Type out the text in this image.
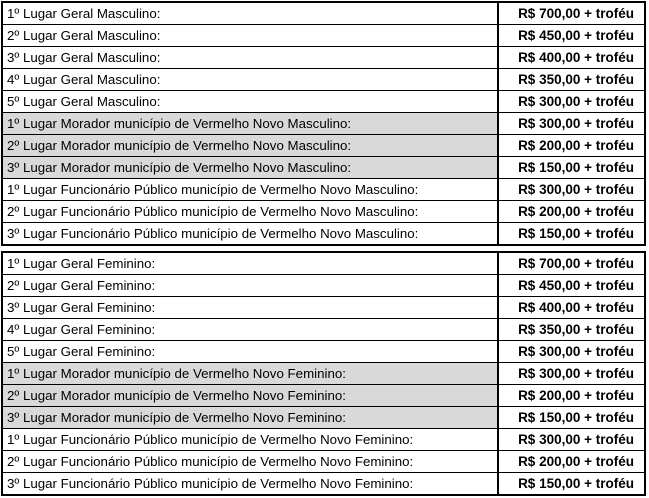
1º Lugar Geral Masculino:	R$ 700,00 + troféu
2º Lugar Geral Masculino:	R$ 450,00 + troféu
3º Lugar Geral Masculino:	R$ 400,00 + troféu
4º Lugar Geral Masculino:	R$ 350,00 + troféu
5º Lugar Geral Masculino:	R$ 300,00 + troféu
1º Lugar Morador município de Vermelho Novo Masculino:	R$ 300,00 + troféu
2º Lugar Morador município de Vermelho Novo Masculino:	R$ 200,00 + troféu
3º Lugar Morador município de Vermelho Novo Masculino:	R$ 150,00 + troféu
1º Lugar Funcionário Público município de Vermelho Novo Masculino:	R$ 300,00 + troféu
2º Lugar Funcionário Público município de Vermelho Novo Masculino:	R$ 200,00 + troféu
3º Lugar Funcionário Público município de Vermelho Novo Masculino:	R$ 150,00 + troféu
1º Lugar Geral Feminino:	R$ 700,00 + troféu
2º Lugar Geral Feminino:	R$ 450,00 + troféu
3º Lugar Geral Feminino:	R$ 400,00 + troféu
4º Lugar Geral Feminino:	R$ 350,00 + troféu
5º Lugar Geral Feminino:	R$ 300,00 + troféu
1º Lugar Morador município de Vermelho Novo Feminino:	R$ 300,00 + troféu
2º Lugar Morador município de Vermelho Novo Feminino:	R$ 200,00 + troféu
3º Lugar Morador município de Vermelho Novo Feminino:	R$ 150,00 + troféu
1º Lugar Funcionário Público município de Vermelho Novo Feminino:	R$ 300,00 + troféu
2º Lugar Funcionário Público município de Vermelho Novo Feminino:	R$ 200,00 + troféu
3º Lugar Funcionário Público município de Vermelho Novo Feminino:	R$ 150,00 + troféu
